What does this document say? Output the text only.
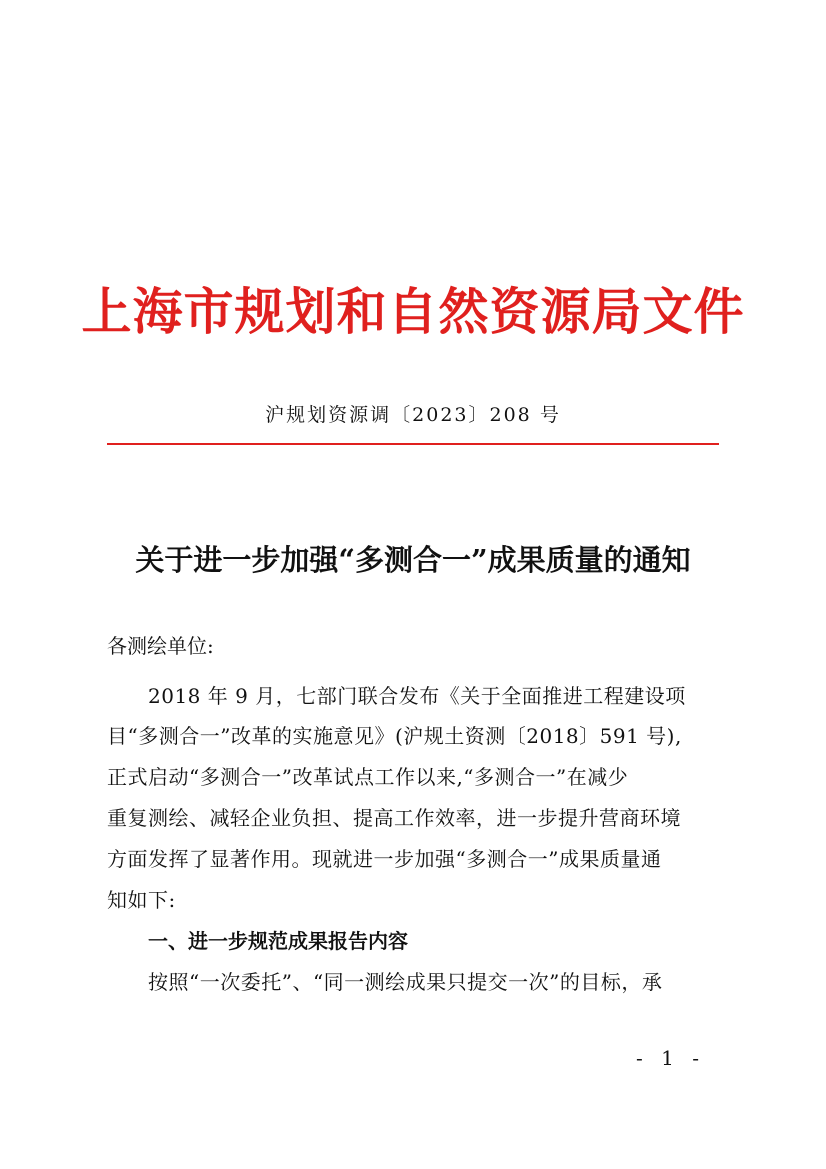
上海市规划和自然资源局文件
沪规划资源调〔2023〕208 号
关于进一步加强“多测合一”成果质量的通知
各测绘单位:
2018 年 9 月，七部门联合发布《关于全面推进工程建设项
目“多测合一”改革的实施意见》(沪规土资测〔2018〕591 号),
正式启动“多测合一”改革试点工作以来,“多测合一”在减少
重复测绘、减轻企业负担、提高工作效率，进一步提升营商环境
方面发挥了显著作用。现就进一步加强“多测合一”成果质量通
知如下:
一、进一步规范成果报告内容
按照“一次委托”、“同一测绘成果只提交一次”的目标，承
- 1 -
